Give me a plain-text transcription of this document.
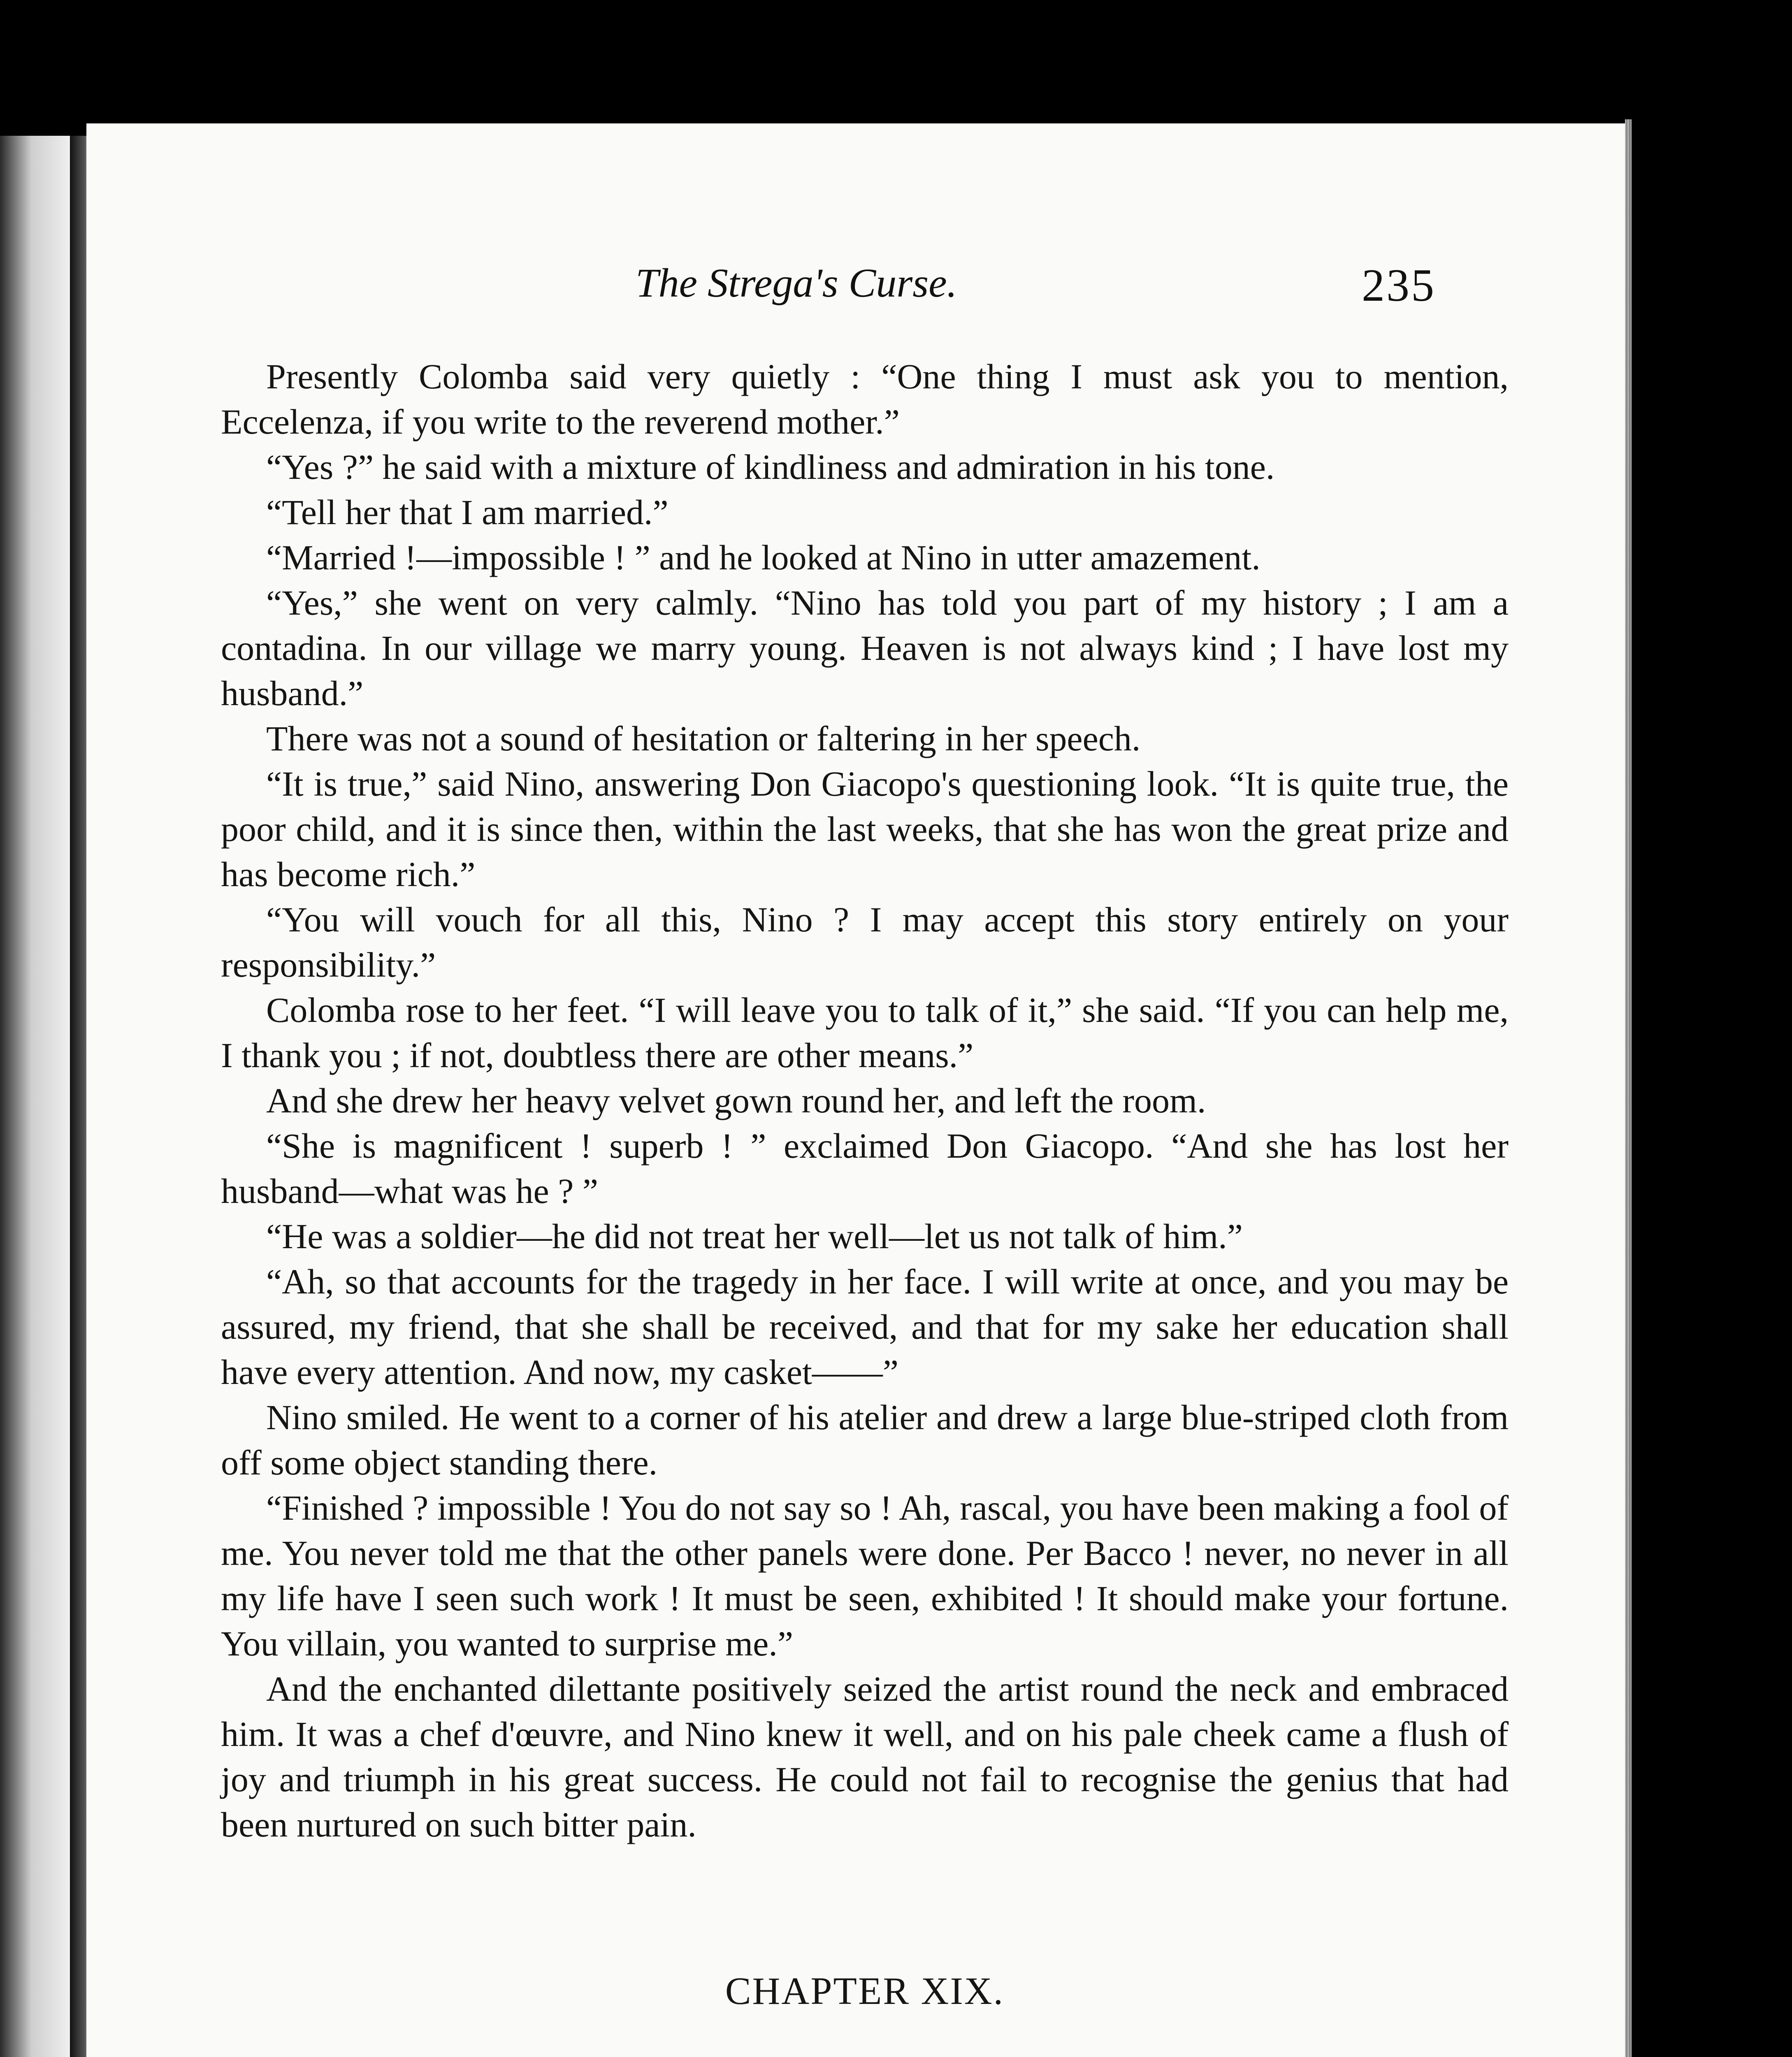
The Strega's Curse.	235

Presently Colomba said very quietly : “One thing I must ask you to mention, Eccelenza, if you write to the reverend mother.”

“Yes ?” he said with a mixture of kindliness and admiration in his tone.

“Tell her that I am married.”

“Married !—impossible ! ” and he looked at Nino in utter amazement.

“Yes,” she went on very calmly. “Nino has told you part of my history ; I am a contadina. In our village we marry young. Heaven is not always kind ; I have lost my husband.”

There was not a sound of hesitation or faltering in her speech.

“It is true,” said Nino, answering Don Giacopo's questioning look. “It is quite true, the poor child, and it is since then, within the last weeks, that she has won the great prize and has become rich.”

“You will vouch for all this, Nino ? I may accept this story entirely on your responsibility.”

Colomba rose to her feet. “I will leave you to talk of it,” she said. “If you can help me, I thank you ; if not, doubtless there are other means.”

And she drew her heavy velvet gown round her, and left the room.

“She is magnificent ! superb ! ” exclaimed Don Giacopo. “And she has lost her husband—what was he ? ”

“He was a soldier—he did not treat her well—let us not talk of him.”

“Ah, so that accounts for the tragedy in her face. I will write at once, and you may be assured, my friend, that she shall be received, and that for my sake her education shall have every attention. And now, my casket——”

Nino smiled. He went to a corner of his atelier and drew a large blue-striped cloth from off some object standing there.

“Finished ? impossible ! You do not say so ! Ah, rascal, you have been making a fool of me. You never told me that the other panels were done. Per Bacco ! never, no never in all my life have I seen such work ! It must be seen, exhibited ! It should make your fortune. You villain, you wanted to surprise me.”

And the enchanted dilettante positively seized the artist round the neck and embraced him. It was a chef d'œuvre, and Nino knew it well, and on his pale cheek came a flush of joy and triumph in his great success. He could not fail to recognise the genius that had been nurtured on such bitter pain.

CHAPTER XIX.
